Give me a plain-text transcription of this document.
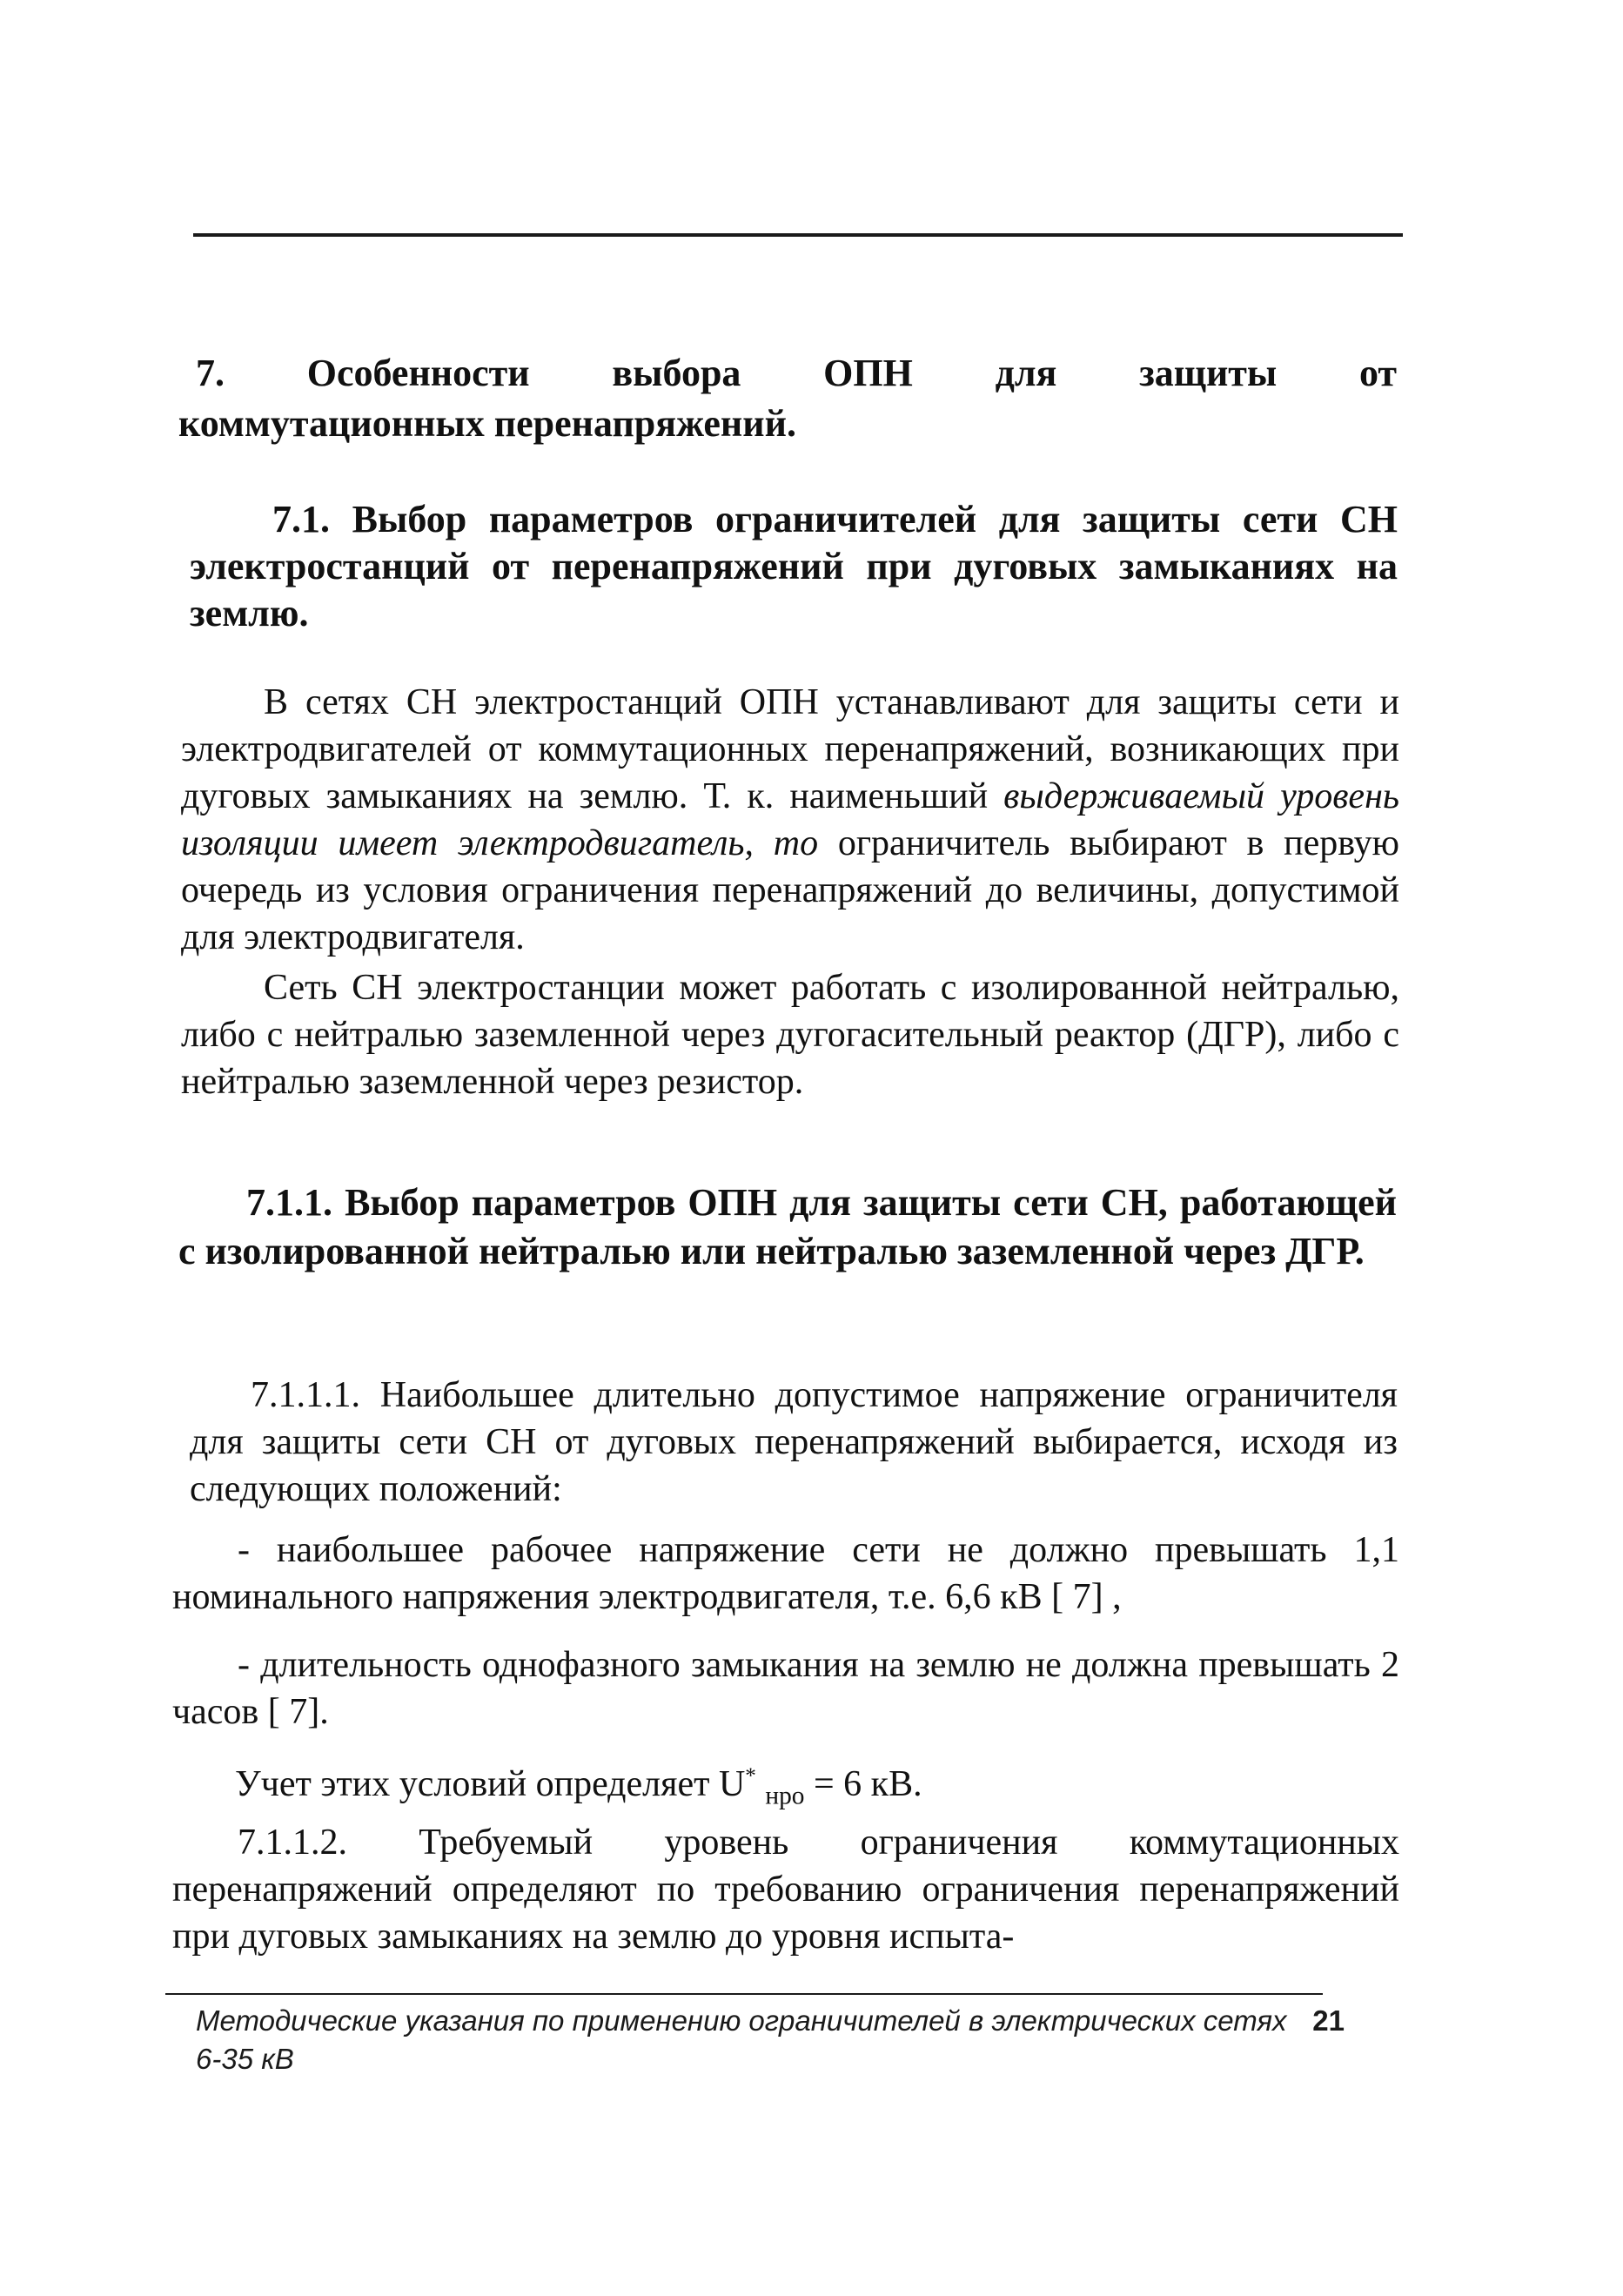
7. Особенности выбора ОПН для защиты от
коммутационных перенапряжений.

7.1. Выбор параметров ограничителей для защиты сети СН электростанций от перенапряжений при дуговых замыканиях на землю.

В сетях СН электростанций ОПН устанавливают для защиты сети и электродвигателей от коммутационных перенапряжений, возникающих при дуговых замыканиях на землю. Т. к. наименьший выдерживаемый уровень изоляции имеет электродвигатель, то ограничитель выбирают в первую очередь из условия ограничения перенапряжений до величины, допустимой для электродвигателя.

Сеть СН электростанции может работать с изолированной нейтралью, либо с нейтралью заземленной через дугогасительный реактор (ДГР), либо с нейтралью заземленной через резистор.

7.1.1. Выбор параметров ОПН для защиты сети СН, работающей с изолированной нейтралью или нейтралью заземленной через ДГР.

7.1.1.1. Наибольшее длительно допустимое напряжение ограничителя для защиты сети СН от дуговых перенапряжений выбирается, исходя из следующих положений:

- наибольшее рабочее напряжение сети не должно превышать 1,1 номинального напряжения электродвигателя, т.е. 6,6 кВ [ 7] ,

- длительность однофазного замыкания на землю не должна превышать 2 часов [ 7].

Учет этих условий определяет U* $_{нро}$ = 6 кВ.

7.1.1.2. Требуемый уровень ограничения коммутационных перенапряжений определяют по требованию ограничения перенапряжений при дуговых замыканиях на землю до уровня испыта-

Методические указания по применению ограничителей в электрических сетях 6-35 кВ
21
